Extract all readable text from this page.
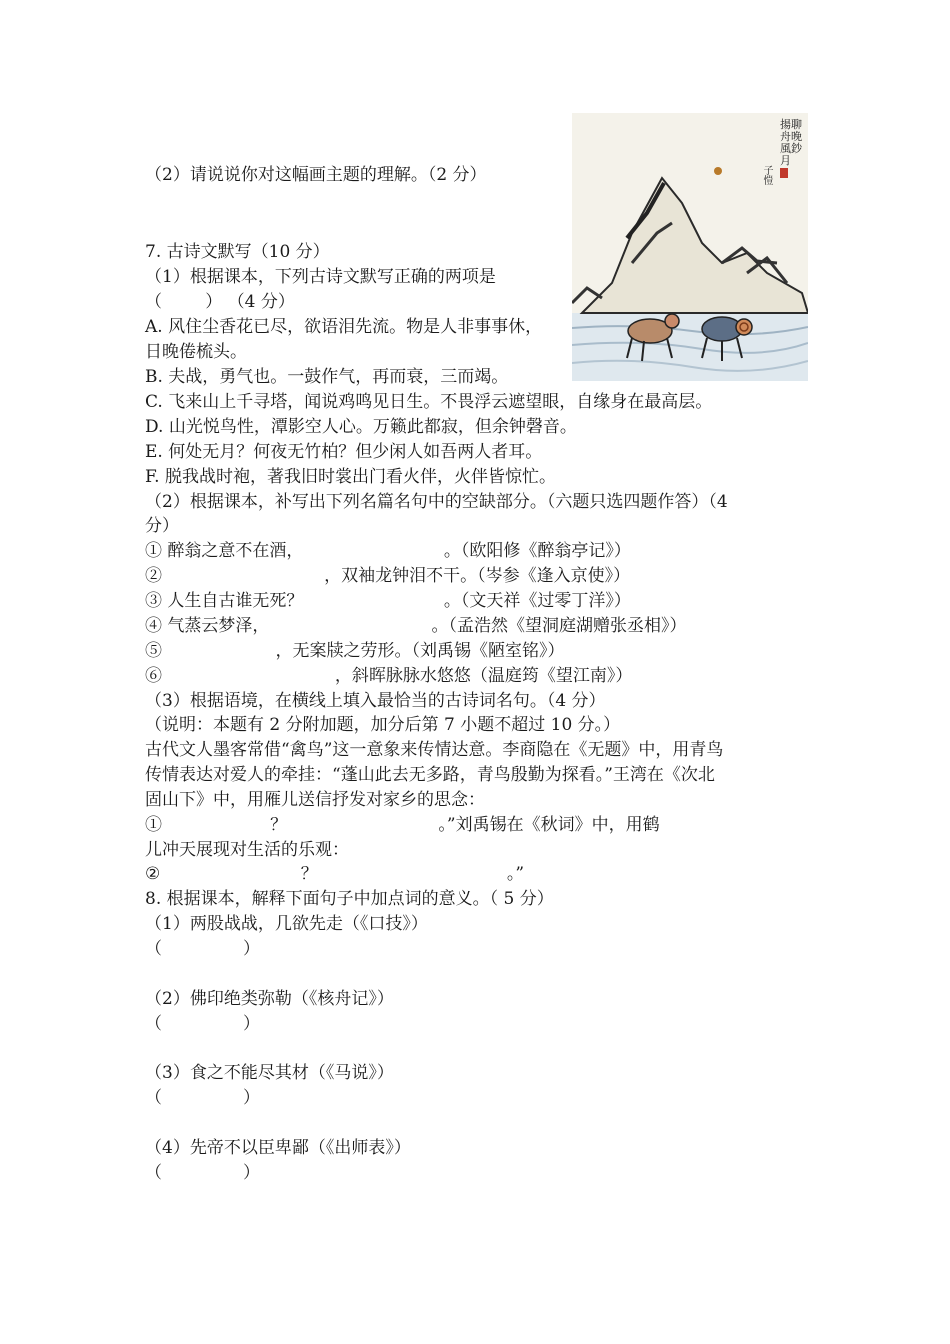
揚聊
舟晚
風鈔
月
子愷
（2）请说说你对这幅画主题的理解。（2 分）
7. 古诗文默写（10 分）
（1）根据课本，下列古诗文默写正确的两项是
（        ） （4 分）
A. 风住尘香花已尽，欲语泪先流。物是人非事事休，
日晚倦梳头。
B. 夫战，勇气也。一鼓作气，再而衰，三而竭。
C. 飞来山上千寻塔，闻说鸡鸣见日生。不畏浮云遮望眼，自缘身在最高层。
D. 山光悦鸟性，潭影空人心。万籁此都寂，但余钟磬音。
E. 何处无月？何夜无竹柏？但少闲人如吾两人者耳。
F. 脱我战时袍，著我旧时裳出门看火伴，火伴皆惊忙。
（2）根据课本，补写出下列名篇名句中的空缺部分。（六题只选四题作答）（4
分）
① 醉翁之意不在酒，                          。（欧阳修《醉翁亭记》）
②                              ，双袖龙钟泪不干。（岑参《逢入京使》）
③ 人生自古谁无死？                          。（文天祥《过零丁洋》）
④ 气蒸云梦泽，                              。（孟浩然《望洞庭湖赠张丞相》）
⑤                     ，无案牍之劳形。（刘禹锡《陋室铭》）
⑥                                ，斜晖脉脉水悠悠（温庭筠《望江南》）
（3）根据语境，在横线上填入最恰当的古诗词名句。（4 分）
（说明：本题有 2 分附加题，加分后第 7 小题不超过 10 分。）
古代文人墨客常借“禽鸟”这一意象来传情达意。李商隐在《无题》中，用青鸟
传情表达对爱人的牵挂：“蓬山此去无多路，青鸟殷勤为探看。”王湾在《次北
固山下》中，用雁儿送信抒发对家乡的思念：
①                    ？                            。”刘禹锡在《秋词》中，用鹤
儿冲天展现对生活的乐观：
②                          ？                                   。”
8. 根据课本，解释下面句子中加点词的意义。（ 5 分）
（1）两股战战，几欲先走（《口技》）
（               ）
（2）佛印绝类弥勒（《核舟记》）
（               ）
（3）食之不能尽其材（《马说》）
（               ）
（4）先帝不以臣卑鄙（《出师表》）
（               ）
